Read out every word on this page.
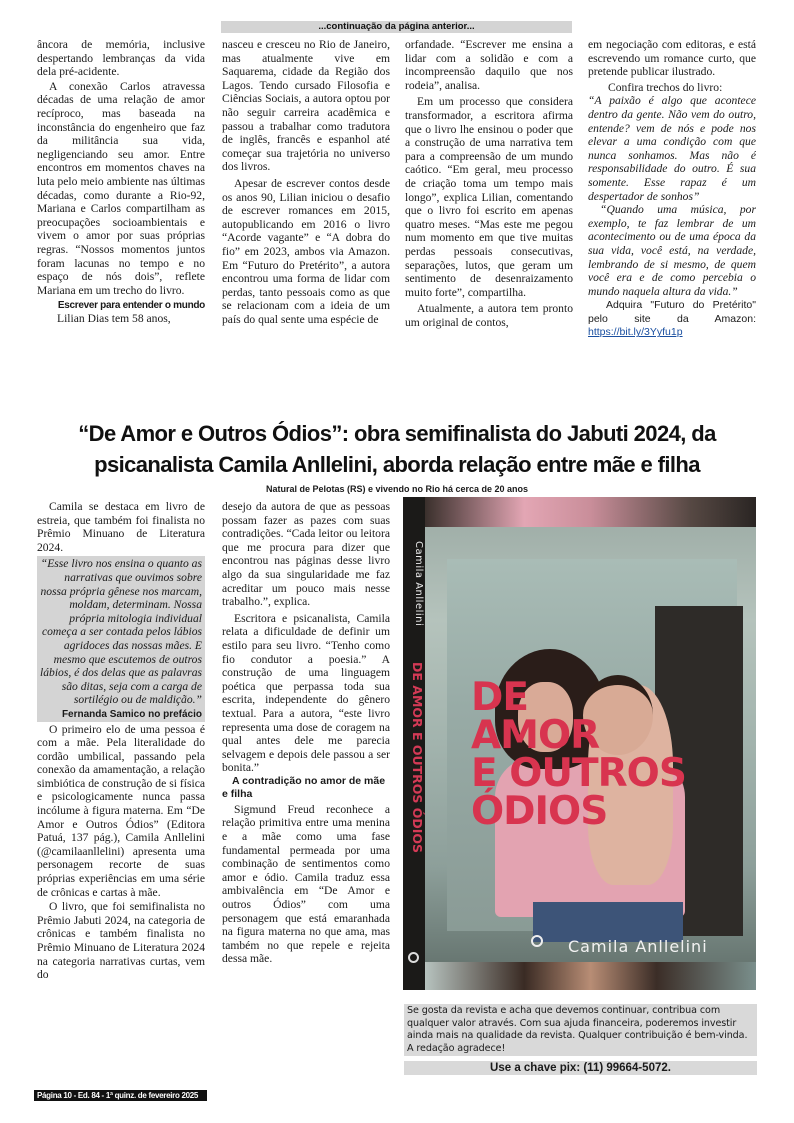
...continuação da página anterior...

âncora de memória, inclusive despertando lembranças da vida dela pré-acidente.

A conexão Carlos atravessa décadas de uma relação de amor recíproco, mas baseada na inconstância do engenheiro que faz da militância sua vida, negligenciando seu amor. Entre encontros em momentos chaves na luta pelo meio ambiente nas últimas décadas, como durante a Rio-92, Mariana e Carlos compartilham as preocupações socioambientais e vivem o amor por suas próprias regras. “Nossos momentos juntos foram lacunas no tempo e no espaço de nós dois”, reflete Mariana em um trecho do livro.

Escrever para entender o mundo

Lilian Dias tem 58 anos,

nasceu e cresceu no Rio de Janeiro, mas atualmente vive em Saquarema, cidade da Região dos Lagos. Tendo cursado Filosofia e Ciências Sociais, a autora optou por não seguir carreira acadêmica e passou a trabalhar como tradutora de inglês, francês e espanhol até começar sua trajetória no universo dos livros.

Apesar de escrever contos desde os anos 90, Lilian iniciou o desafio de escrever romances em 2015, autopublicando em 2016 o livro “Acorde vagante” e “A dobra do fio” em 2023, ambos via Amazon. Em “Futuro do Pretérito”, a autora encontrou uma forma de lidar com perdas, tanto pessoais como as que se relacionam com a ideia de um país do qual sente uma espécie de

orfandade. “Escrever me ensina a lidar com a solidão e com a incompreensão daquilo que nos rodeia”, analisa.

Em um processo que considera transformador, a escritora afirma que o livro lhe ensinou o poder que a construção de uma narrativa tem para a compreensão de um mundo caótico. “Em geral, meu processo de criação toma um tempo mais longo”, explica Lilian, comentando que o livro foi escrito em apenas quatro meses. “Mas este me pegou num momento em que tive muitas perdas pessoais consecutivas, separações, lutos, que geram um sentimento de desenraizamento muito forte”, compartilha.

Atualmente, a autora tem pronto um original de contos,

em negociação com editoras, e está escrevendo um romance curto, que pretende publicar ilustrado.

Confira trechos do livro:

“A paixão é algo que acontece dentro da gente. Não vem do outro, entende? vem de nós e pode nos elevar a uma condição com que nunca sonhamos. Mas não é responsabilidade do outro. É sua somente. Esse rapaz é um despertador de sonhos”

“Quando uma música, por exemplo, te faz lembrar de um acontecimento ou de uma época da sua vida, você está, na verdade, lembrando de si mesmo, de quem você era e de como percebia o mundo naquela altura da vida.”

Adquira "Futuro do Pretérito" pelo site da Amazon: https://bit.ly/3Yyfu1p

“De Amor e Outros Ódios”: obra semifinalista do Jabuti 2024, da psicanalista Camila Anllelini, aborda relação entre mãe e filha
Natural de Pelotas (RS) e vivendo no Rio há cerca de 20 anos

Camila se destaca em livro de estreia, que também foi finalista no Prêmio Minuano de Literatura 2024.

“Esse livro nos ensina o quanto as narrativas que ouvimos sobre nossa própria gênese nos marcam, moldam, determinam. Nossa própria mitologia individual começa a ser contada pelos lábios agridoces das nossas mães. E mesmo que escutemos de outros lábios, é dos delas que as palavras são ditas, seja com a carga de sortilégio ou de maldição.” Fernanda Samico no prefácio

O primeiro elo de uma pessoa é com a mãe. Pela literalidade do cordão umbilical, passando pela conexão da amamentação, a relação simbiótica de construção de si física e psicologicamente nunca passa incólume à figura materna. Em “De Amor e Outros Ódios” (Editora Patuá, 137 pág.), Camila Anllelini (@camilaanllelini) apresenta uma personagem recorte de suas próprias experiências em uma série de crônicas e cartas à mãe.

O livro, que foi semifinalista no Prêmio Jabuti 2024, na categoria de crônicas e também finalista no Prêmio Minuano de Literatura 2024 na categoria narrativas curtas, vem do

desejo da autora de que as pessoas possam fazer as pazes com suas contradições. “Cada leitor ou leitora que me procura para dizer que encontrou nas páginas desse livro algo da sua singularidade me faz acreditar um pouco mais nesse trabalho.”, explica.

Escritora e psicanalista, Camila relata a dificuldade de definir um estilo para seu livro. “Tenho como fio condutor a poesia.” A construção de uma linguagem poética que perpassa toda sua escrita, independente do gênero textual. Para a autora, “este livro representa uma dose de coragem na qual antes dele me parecia selvagem e depois dele passou a ser bonita.”

A contradição no amor de mãe e filha

Sigmund Freud reconhece a relação primitiva entre uma menina e a mãe como uma fase fundamental permeada por uma combinação de sentimentos como amor e ódio. Camila traduz essa ambivalência em “De Amor e outros Ódios” com uma personagem que está emaranhada na figura materna no que ama, mas também no que repele e rejeita dessa mãe.

Camila Anllelini
DE AMOR E OUTROS ÓDIOS DE
AMOR
E OUTROS
ÓDIOS
Camila Anllelini
Se gosta da revista e acha que devemos continuar, contribua com qualquer valor através. Com sua ajuda financeira, poderemos investir ainda mais na qualidade da revista. Qualquer contribuição é bem-vinda. A redação agradece!
Use a chave pix: (11) 99664-5072.
Página 10 - Ed. 84 - 1ª quinz. de fevereiro 2025
